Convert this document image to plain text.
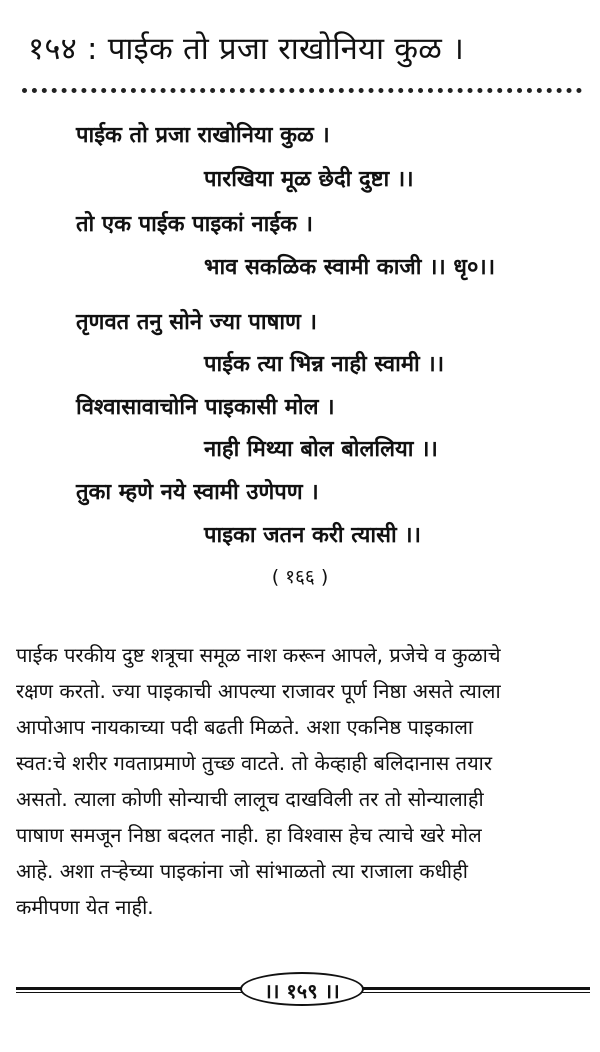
१५४ : पाईक तो प्रजा राखोनिया कुळ ।
पाईक तो प्रजा राखोनिया कुळ ।
पारखिया मूळ छेदी दुष्टा ।।
तो एक पाईक पाइकां नाईक ।
भाव सकळिक स्वामी काजी ।। धृ०।।
तृणवत तनु सोने ज्या पाषाण ।
पाईक त्या भिन्न नाही स्वामी ।।
विश्वासावाचोनि पाइकासी मोल ।
नाही मिथ्या बोल बोललिया ।।
तुका म्हणे नये स्वामी उणेपण ।
पाइका जतन करी त्यासी ।।
( १६६ )
पाईक परकीय दुष्ट शत्रूचा समूळ नाश करून आपले, प्रजेचे व कुळाचे
रक्षण करतो. ज्या पाइकाची आपल्या राजावर पूर्ण निष्ठा असते त्याला
आपोआप नायकाच्या पदी बढती मिळते. अशा एकनिष्ठ पाइकाला
स्वत:चे शरीर गवताप्रमाणे तुच्छ वाटते. तो केव्हाही बलिदानास तयार
असतो. त्याला कोणी सोन्याची लालूच दाखविली तर तो सोन्यालाही
पाषाण समजून निष्ठा बदलत नाही. हा विश्वास हेच त्याचे खरे मोल
आहे. अशा तऱ्हेच्या पाइकांना जो सांभाळतो त्या राजाला कधीही
कमीपणा येत नाही.
।। १५९ ।।
